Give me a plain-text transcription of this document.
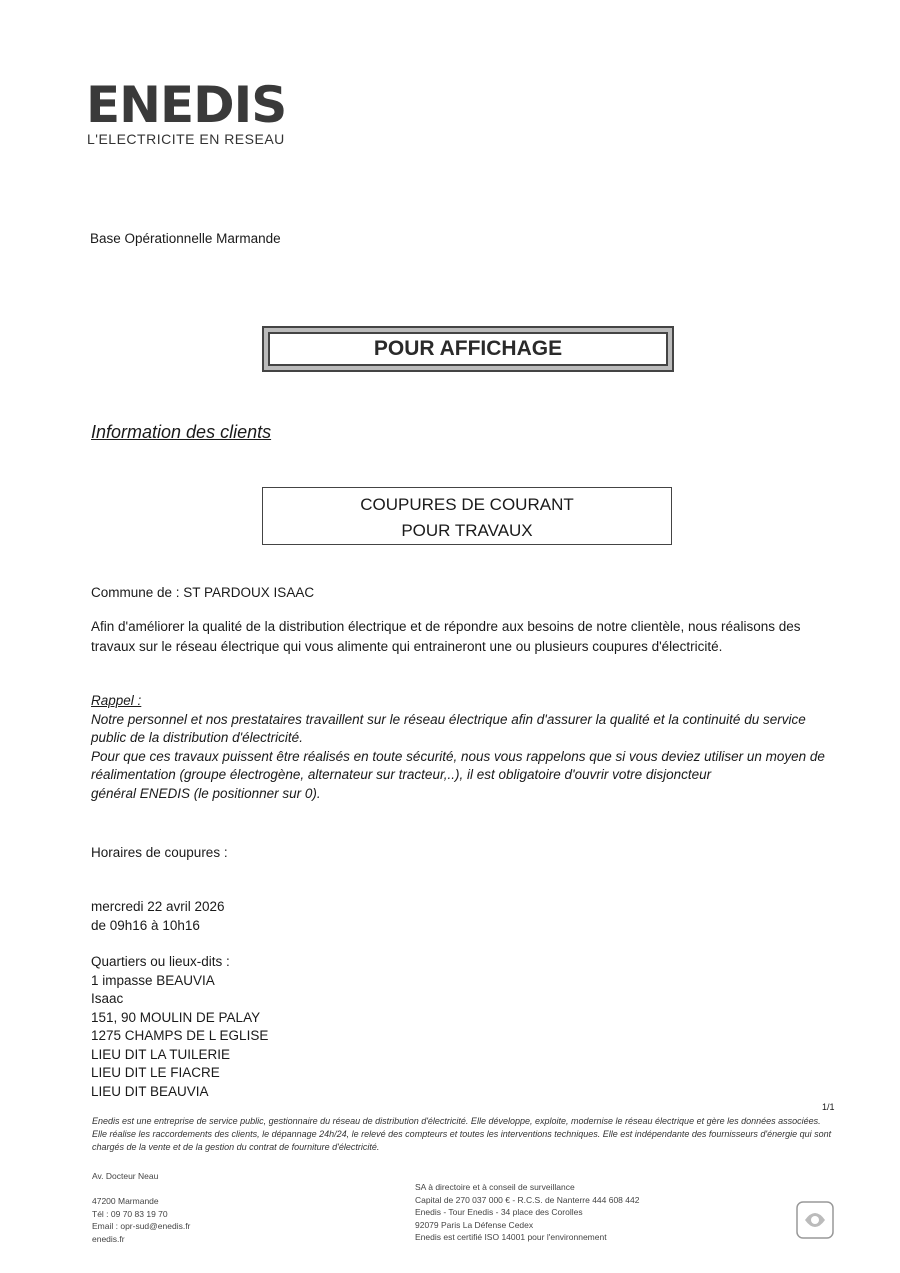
ENEDIS
L'ELECTRICITE EN RESEAU
Base Opérationnelle Marmande
POUR AFFICHAGE
Information des clients
COUPURES DE COURANT
POUR TRAVAUX
Commune de : ST PARDOUX ISAAC
Afin d'améliorer la qualité de la distribution électrique et de répondre aux besoins de notre clientèle, nous réalisons des travaux sur le réseau électrique qui vous alimente qui entraineront une ou plusieurs coupures d'électricité.
Rappel :
Notre personnel et nos prestataires travaillent sur le réseau électrique afin d'assurer la qualité et la continuité du service public de la distribution d'électricité.
Pour que ces travaux puissent être réalisés en toute sécurité, nous vous rappelons que si vous deviez utiliser un moyen de
réalimentation (groupe électrogène, alternateur sur tracteur,..), il est obligatoire d'ouvrir votre disjoncteur
général ENEDIS (le positionner sur 0).
Horaires de coupures :
mercredi 22 avril 2026
de 09h16 à 10h16
Quartiers ou lieux-dits :
1 impasse BEAUVIA
Isaac
151, 90 MOULIN DE PALAY
1275 CHAMPS DE L EGLISE
LIEU DIT LA TUILERIE
LIEU DIT LE FIACRE
LIEU DIT BEAUVIA
1/1
Enedis est une entreprise de service public, gestionnaire du réseau de distribution d'électricité. Elle développe, exploite, modernise le réseau électrique et gère les données associées. Elle réalise les raccordements des clients, le dépannage 24h/24, le relevé des compteurs et toutes les interventions techniques. Elle est indépendante des fournisseurs d'énergie qui sont chargés de la vente et de la gestion du contrat de fourniture d'électricité.
Av. Docteur Neau
47200 Marmande
Tél : 09 70 83 19 70
Email : opr-sud@enedis.fr
enedis.fr
SA à directoire et à conseil de surveillance
Capital de 270 037 000 € - R.C.S. de Nanterre 444 608 442
Enedis - Tour Enedis - 34 place des Corolles
92079 Paris La Défense Cedex
Enedis est certifié ISO 14001 pour l'environnement
